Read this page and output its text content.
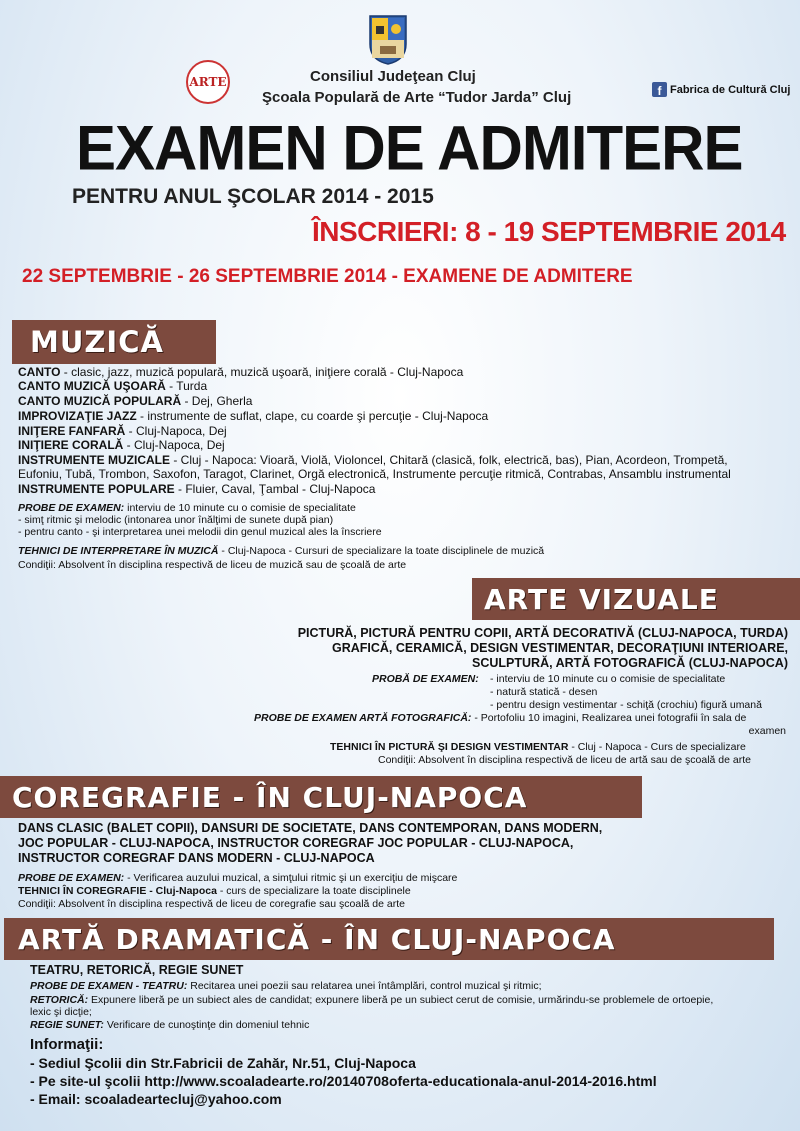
ARTE	Consiliul Judeţean Cluj
Şcoala Populară de Arte “Tudor Jarda” Cluj	f Fabrica de Cultură Cluj
EXAMEN DE ADMITERE
PENTRU ANUL ŞCOLAR 2014 - 2015
ÎNSCRIERI: 8 - 19 SEPTEMBRIE 2014
22 SEPTEMBRIE - 26 SEPTEMBRIE 2014 - EXAMENE DE ADMITERE
MUZICĂ
CANTO - clasic, jazz, muzică populară, muzică uşoară, iniţiere corală - Cluj-Napoca
CANTO MUZICĂ UŞOARĂ - Turda
CANTO MUZICĂ POPULARĂ - Dej, Gherla
IMPROVIZAŢIE JAZZ - instrumente de suflat, clape, cu coarde şi percuţie - Cluj-Napoca
INIŢERE FANFARĂ - Cluj-Napoca, Dej
INIŢIERE CORALĂ - Cluj-Napoca, Dej
INSTRUMENTE MUZICALE - Cluj - Napoca: Vioară, Violă, Violoncel, Chitară (clasică, folk, electrică, bas), Pian, Acordeon, Trompetă,
Eufoniu, Tubă, Trombon, Saxofon, Taragot, Clarinet, Orgă electronică, Instrumente percuţie ritmică, Contrabas, Ansamblu instrumental
INSTRUMENTE POPULARE - Fluier, Caval, Ţambal - Cluj-Napoca
PROBE DE EXAMEN: interviu de 10 minute cu o comisie de specialitate
- simţ ritmic şi melodic (intonarea unor înălţimi de sunete după pian)
- pentru canto - şi interpretarea unei melodii din genul muzical ales la înscriere
TEHNICI DE INTERPRETARE ÎN MUZICĂ - Cluj-Napoca - Cursuri de specializare la toate disciplinele de muzică
Condiţii: Absolvent în disciplina respectivă de liceu de muzică sau de şcoală de arte
ARTE VIZUALE
PICTURĂ, PICTURĂ PENTRU COPII, ARTĂ DECORATIVĂ (CLUJ-NAPOCA, TURDA)
GRAFICĂ, CERAMICĂ, DESIGN VESTIMENTAR, DECORAŢIUNI INTERIOARE,
SCULPTURĂ, ARTĂ FOTOGRAFICĂ (CLUJ-NAPOCA)
PROBĂ DE EXAMEN: - interviu de 10 minute cu o comisie de specialitate
- natură statică - desen
- pentru design vestimentar - schiţă (crochiu) figură umană
PROBE DE EXAMEN ARTĂ FOTOGRAFICĂ: - Portofoliu 10 imagini, Realizarea unei fotografii în sala de
examen
TEHNICI ÎN PICTURĂ ŞI DESIGN VESTIMENTAR - Cluj - Napoca - Curs de specializare
Condiţii: Absolvent în disciplina respectivă de liceu de artă sau de şcoală de arte
COREGRAFIE - ÎN CLUJ-NAPOCA
DANS CLASIC (BALET COPII), DANSURI DE SOCIETATE, DANS CONTEMPORAN, DANS MODERN,
JOC POPULAR - CLUJ-NAPOCA, INSTRUCTOR COREGRAF JOC POPULAR - CLUJ-NAPOCA,
INSTRUCTOR COREGRAF DANS MODERN - CLUJ-NAPOCA
PROBE DE EXAMEN: - Verificarea auzului muzical, a simţului ritmic şi un exerciţiu de mişcare
TEHNICI ÎN COREGRAFIE - Cluj-Napoca - curs de specializare la toate disciplinele
Condiţii: Absolvent în disciplina respectivă de liceu de coregrafie sau şcoală de arte
ARTĂ DRAMATICĂ - ÎN CLUJ-NAPOCA
TEATRU, RETORICĂ, REGIE SUNET
PROBE DE EXAMEN - TEATRU: Recitarea unei poezii sau relatarea unei întâmplări, control muzical şi ritmic;
RETORICĂ: Expunere liberă pe un subiect ales de candidat; expunere liberă pe un subiect cerut de comisie, urmărindu-se problemele de ortoepie,
lexic şi dicţie;
REGIE SUNET: Verificare de cunoştinţe din domeniul tehnic
Informaţii:
- Sediul Şcolii din Str.Fabricii de Zahăr, Nr.51, Cluj-Napoca
- Pe site-ul şcolii http://www.scoaladearte.ro/20140708oferta-educationala-anul-2014-2016.html
- Email: scoaladearte​cluj@yahoo.com
